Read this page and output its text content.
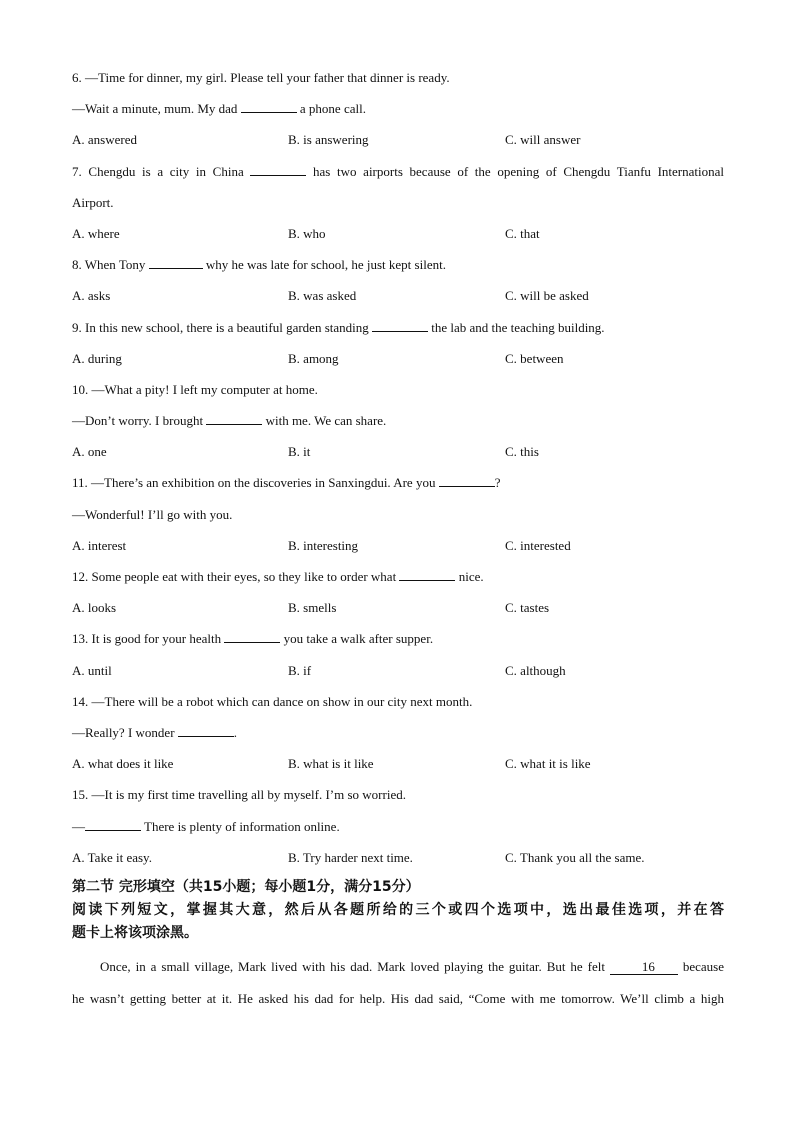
6. —Time for dinner, my girl. Please tell your father that dinner is ready.
—Wait a minute, mum. My dad	a phone call.
A. answered	B. is answering	C. will answer
7. Chengdu is a city in China	has two airports because of the opening of Chengdu Tianfu International
Airport.
A. where	B. who	C. that
8. When Tony	why he was late for school, he just kept silent.
A. asks	B. was asked	C. will be asked
9. In this new school, there is a beautiful garden standing	the lab and the teaching building.
A. during	B. among	C. between
10. —What a pity! I left my computer at home.
—Don’t worry. I brought	with me. We can share.
A. one	B. it	C. this
11. —There’s an exhibition on the discoveries in Sanxingdui. Are you	?
—Wonderful! I’ll go with you.
A. interest	B. interesting	C. interested
12. Some people eat with their eyes, so they like to order what	nice.
A. looks	B. smells	C. tastes
13. It is good for your health	you take a walk after supper.
A. until	B. if	C. although
14. —There will be a robot which can dance on show in our city next month.
—Really? I wonder	.
A. what does it like	B. what is it like	C. what it is like
15. —It is my first time travelling all by myself. I’m so worried.
—	There is plenty of information online.
A. Take it easy.	B. Try harder next time.	C. Thank you all the same.
第二节 完形填空（共15小题；每小题1分，满分15分）
阅读下列短文，掌握其大意，然后从各题所给的三个或四个选项中，选出最佳选项，并在答
题卡上将该项涂黑。
Once, in a small village, Mark lived with his dad. Mark loved playing the guitar. But he felt 16 because
he wasn’t getting better at it. He asked his dad for help. His dad said, “Come with me tomorrow. We’ll climb a high
